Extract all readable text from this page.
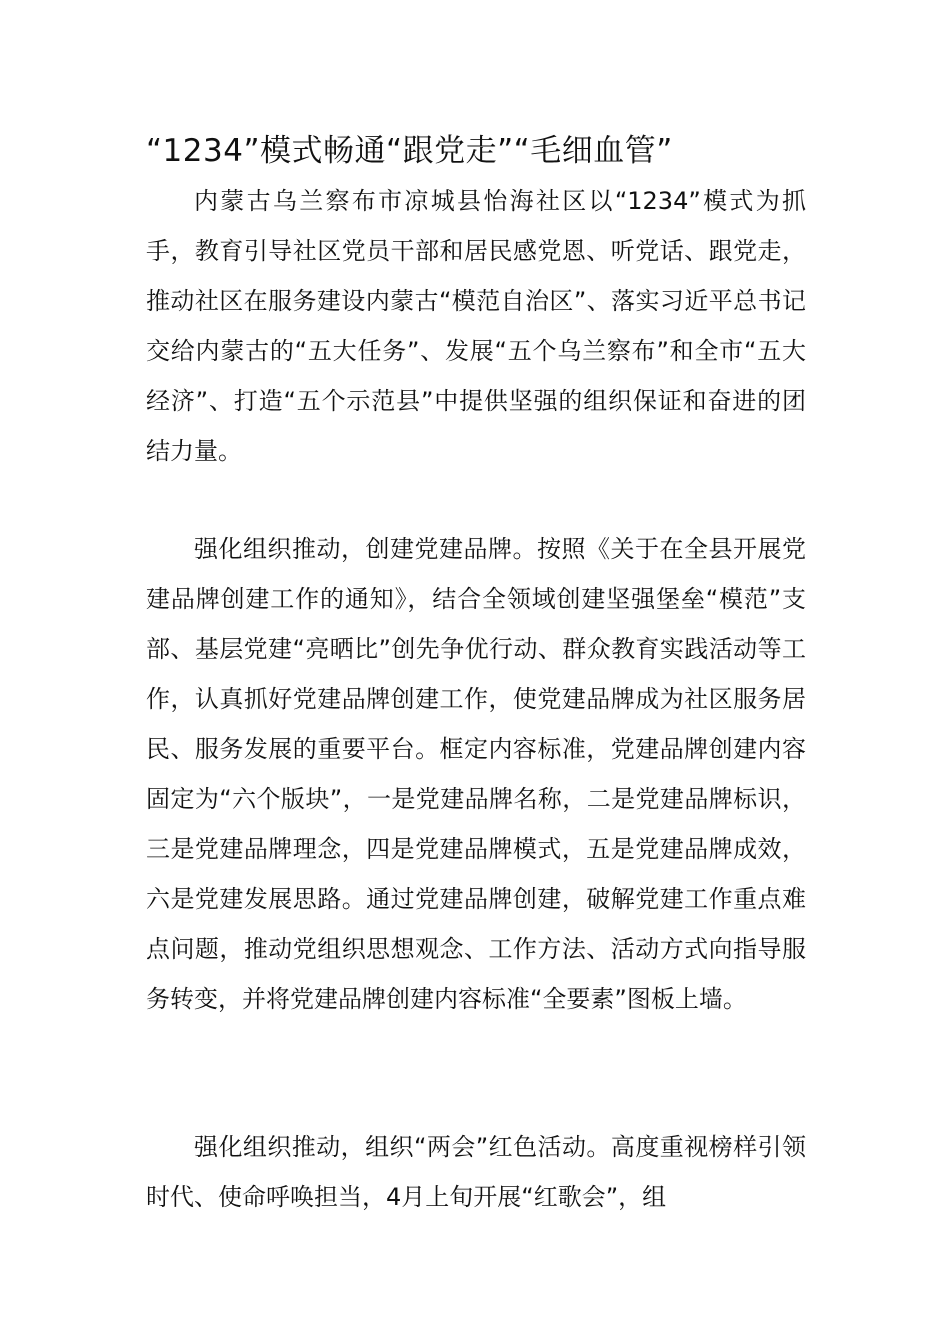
“1234”模式畅通“跟党走”“毛细血管”

内蒙古乌兰察布市凉城县怡海社区以“1234”模式为抓手，教育引导社区党员干部和居民感党恩、听党话、跟党走，推动社区在服务建设内蒙古“模范自治区”、落实习近平总书记交给内蒙古的“五大任务”、发展“五个乌兰察布”和全市“五大经济”、打造“五个示范县”中提供坚强的组织保证和奋进的团结力量。

强化组织推动，创建党建品牌。按照《关于在全县开展党建品牌创建工作的通知》，结合全领域创建坚强堡垒“模范”支部、基层党建“亮晒比”创先争优行动、群众教育实践活动等工作，认真抓好党建品牌创建工作，使党建品牌成为社区服务居民、服务发展的重要平台。框定内容标准，党建品牌创建内容固定为“六个版块”，一是党建品牌名称，二是党建品牌标识，三是党建品牌理念，四是党建品牌模式，五是党建品牌成效，六是党建发展思路。通过党建品牌创建，破解党建工作重点难点问题，推动党组织思想观念、工作方法、活动方式向指导服务转变，并将党建品牌创建内容标准“全要素”图板上墙。

强化组织推动，组织“两会”红色活动。高度重视榜样引领时代、使命呼唤担当，4月上旬开展“红歌会”，组
